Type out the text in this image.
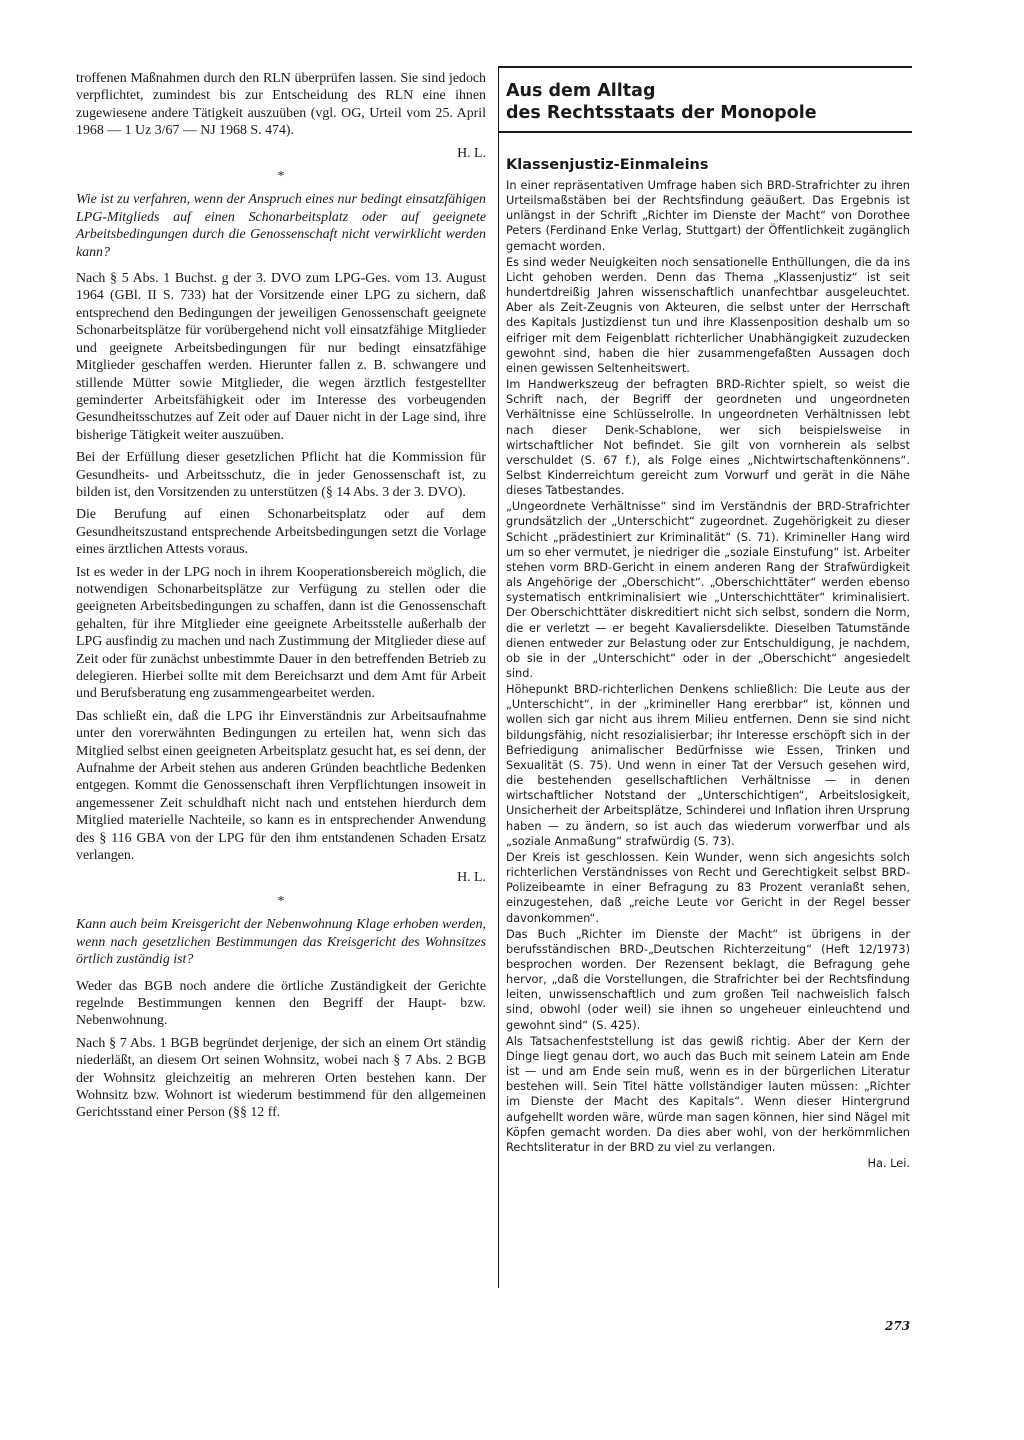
troffenen Maßnahmen durch den RLN überprüfen lassen. Sie sind jedoch verpflichtet, zumindest bis zur Entscheidung des RLN eine ihnen zugewiesene andere Tätigkeit auszuüben (vgl. OG, Urteil vom 25. April 1968 — 1 Uz 3/67 — NJ 1968 S. 474).

H. L.
*

Wie ist zu verfahren, wenn der Anspruch eines nur bedingt einsatzfähigen LPG-Mitglieds auf einen Schonarbeitsplatz oder auf geeignete Arbeitsbedingungen durch die Genossenschaft nicht verwirklicht werden kann?

Nach § 5 Abs. 1 Buchst. g der 3. DVO zum LPG-Ges. vom 13. August 1964 (GBl. II S. 733) hat der Vorsitzende einer LPG zu sichern, daß entsprechend den Bedingungen der jeweiligen Genossenschaft geeignete Schonarbeitsplätze für vorübergehend nicht voll einsatzfähige Mitglieder und geeignete Arbeitsbedingungen für nur bedingt einsatzfähige Mitglieder geschaffen werden. Hierunter fallen z. B. schwangere und stillende Mütter sowie Mitglieder, die wegen ärztlich festgestellter geminderter Arbeitsfähigkeit oder im Interesse des vorbeugenden Gesundheitsschutzes auf Zeit oder auf Dauer nicht in der Lage sind, ihre bisherige Tätigkeit weiter auszuüben.

Bei der Erfüllung dieser gesetzlichen Pflicht hat die Kommission für Gesundheits- und Arbeitsschutz, die in jeder Genossenschaft ist, zu bilden ist, den Vorsitzenden zu unterstützen (§ 14 Abs. 3 der 3. DVO).

Die Berufung auf einen Schonarbeitsplatz oder auf dem Gesundheitszustand entsprechende Arbeitsbedingungen setzt die Vorlage eines ärztlichen Attests voraus.

Ist es weder in der LPG noch in ihrem Kooperationsbereich möglich, die notwendigen Schonarbeitsplätze zur Verfügung zu stellen oder die geeigneten Arbeitsbedingungen zu schaffen, dann ist die Genossenschaft gehalten, für ihre Mitglieder eine geeignete Arbeitsstelle außerhalb der LPG ausfindig zu machen und nach Zustimmung der Mitglieder diese auf Zeit oder für zunächst unbestimmte Dauer in den betreffenden Betrieb zu delegieren. Hierbei sollte mit dem Bereichsarzt und dem Amt für Arbeit und Berufsberatung eng zusammengearbeitet werden.

Das schließt ein, daß die LPG ihr Einverständnis zur Arbeitsaufnahme unter den vorerwähnten Bedingungen zu erteilen hat, wenn sich das Mitglied selbst einen geeigneten Arbeitsplatz gesucht hat, es sei denn, der Aufnahme der Arbeit stehen aus anderen Gründen beachtliche Bedenken entgegen. Kommt die Genossenschaft ihren Verpflichtungen insoweit in angemessener Zeit schuldhaft nicht nach und entstehen hierdurch dem Mitglied materielle Nachteile, so kann es in entsprechender Anwendung des § 116 GBA von der LPG für den ihm entstandenen Schaden Ersatz verlangen.

H. L.
*

Kann auch beim Kreisgericht der Nebenwohnung Klage erhoben werden, wenn nach gesetzlichen Bestimmungen das Kreisgericht des Wohnsitzes örtlich zuständig ist?

Weder das BGB noch andere die örtliche Zuständigkeit der Gerichte regelnde Bestimmungen kennen den Begriff der Haupt- bzw. Nebenwohnung.

Nach § 7 Abs. 1 BGB begründet derjenige, der sich an einem Ort ständig niederläßt, an diesem Ort seinen Wohnsitz, wobei nach § 7 Abs. 2 BGB der Wohnsitz gleichzeitig an mehreren Orten bestehen kann. Der Wohnsitz bzw. Wohnort ist wiederum bestimmend für den allgemeinen Gerichtsstand einer Person (§§ 12 ff.

Aus dem Alltag
des Rechtsstaats der Monopole
Klassenjustiz-Einmaleins

In einer repräsentativen Umfrage haben sich BRD-Strafrichter zu ihren Urteilsmaßstäben bei der Rechtsfindung geäußert. Das Ergebnis ist unlängst in der Schrift „Richter im Dienste der Macht“ von Dorothee Peters (Ferdinand Enke Verlag, Stuttgart) der Öffentlichkeit zugänglich gemacht worden.

Es sind weder Neuigkeiten noch sensationelle Enthüllungen, die da ins Licht gehoben werden. Denn das Thema „Klassenjustiz“ ist seit hundertdreißig Jahren wissenschaftlich unanfechtbar ausgeleuchtet. Aber als Zeit-Zeugnis von Akteuren, die selbst unter der Herrschaft des Kapitals Justizdienst tun und ihre Klassenposition deshalb um so eifriger mit dem Feigenblatt richterlicher Unabhängigkeit zuzudecken gewohnt sind, haben die hier zusammengefaßten Aussagen doch einen gewissen Seltenheitswert.

Im Handwerkszeug der befragten BRD-Richter spielt, so weist die Schrift nach, der Begriff der geordneten und ungeordneten Verhältnisse eine Schlüsselrolle. In ungeordneten Verhältnissen lebt nach dieser Denk-Schablone, wer sich beispielsweise in wirtschaftlicher Not befindet. Sie gilt von vornherein als selbst verschuldet (S. 67 f.), als Folge eines „Nichtwirtschaftenkönnens“. Selbst Kinderreichtum gereicht zum Vorwurf und gerät in die Nähe dieses Tatbestandes.

„Ungeordnete Verhältnisse“ sind im Verständnis der BRD-Strafrichter grundsätzlich der „Unterschicht“ zugeordnet. Zugehörigkeit zu dieser Schicht „prädestiniert zur Kriminalität“ (S. 71). Krimineller Hang wird um so eher vermutet, je niedriger die „soziale Einstufung“ ist. Arbeiter stehen vorm BRD-Gericht in einem anderen Rang der Strafwürdigkeit als Angehörige der „Oberschicht“. „Oberschichttäter“ werden ebenso systematisch entkriminalisiert wie „Unterschichttäter“ kriminalisiert. Der Oberschichttäter diskreditiert nicht sich selbst, sondern die Norm, die er verletzt — er begeht Kavaliersdelikte. Dieselben Tatumstände dienen entweder zur Belastung oder zur Entschuldigung, je nachdem, ob sie in der „Unterschicht“ oder in der „Oberschicht“ angesiedelt sind.

Höhepunkt BRD-richterlichen Denkens schließlich: Die Leute aus der „Unterschicht“, in der „krimineller Hang ererbbar“ ist, können und wollen sich gar nicht aus ihrem Milieu entfernen. Denn sie sind nicht bildungsfähig, nicht resozialisierbar; ihr Interesse erschöpft sich in der Befriedigung animalischer Bedürfnisse wie Essen, Trinken und Sexualität (S. 75). Und wenn in einer Tat der Versuch gesehen wird, die bestehenden gesellschaftlichen Verhältnisse — in denen wirtschaftlicher Notstand der „Unterschichtigen“, Arbeitslosigkeit, Unsicherheit der Arbeitsplätze, Schinderei und Inflation ihren Ursprung haben — zu ändern, so ist auch das wiederum vorwerfbar und als „soziale Anmaßung“ strafwürdig (S. 73).

Der Kreis ist geschlossen. Kein Wunder, wenn sich angesichts solch richterlichen Verständnisses von Recht und Gerechtigkeit selbst BRD-Polizeibeamte in einer Befragung zu 83 Prozent veranlaßt sehen, einzugestehen, daß „reiche Leute vor Gericht in der Regel besser davonkommen“.

Das Buch „Richter im Dienste der Macht“ ist übrigens in der berufsständischen BRD-„Deutschen Richterzeitung“ (Heft 12/1973) besprochen worden. Der Rezensent beklagt, die Befragung gehe hervor, „daß die Vorstellungen, die Strafrichter bei der Rechtsfindung leiten, unwissenschaftlich und zum großen Teil nachweislich falsch sind, obwohl (oder weil) sie ihnen so ungeheuer einleuchtend und gewohnt sind“ (S. 425).

Als Tatsachenfeststellung ist das gewiß richtig. Aber der Kern der Dinge liegt genau dort, wo auch das Buch mit seinem Latein am Ende ist — und am Ende sein muß, wenn es in der bürgerlichen Literatur bestehen will. Sein Titel hätte vollständiger lauten müssen: „Richter im Dienste der Macht des Kapitals“. Wenn dieser Hintergrund aufgehellt worden wäre, würde man sagen können, hier sind Nägel mit Köpfen gemacht worden. Da dies aber wohl, von der herkömmlichen Rechtsliteratur in der BRD zu viel zu verlangen.

Ha. Lei.
273
